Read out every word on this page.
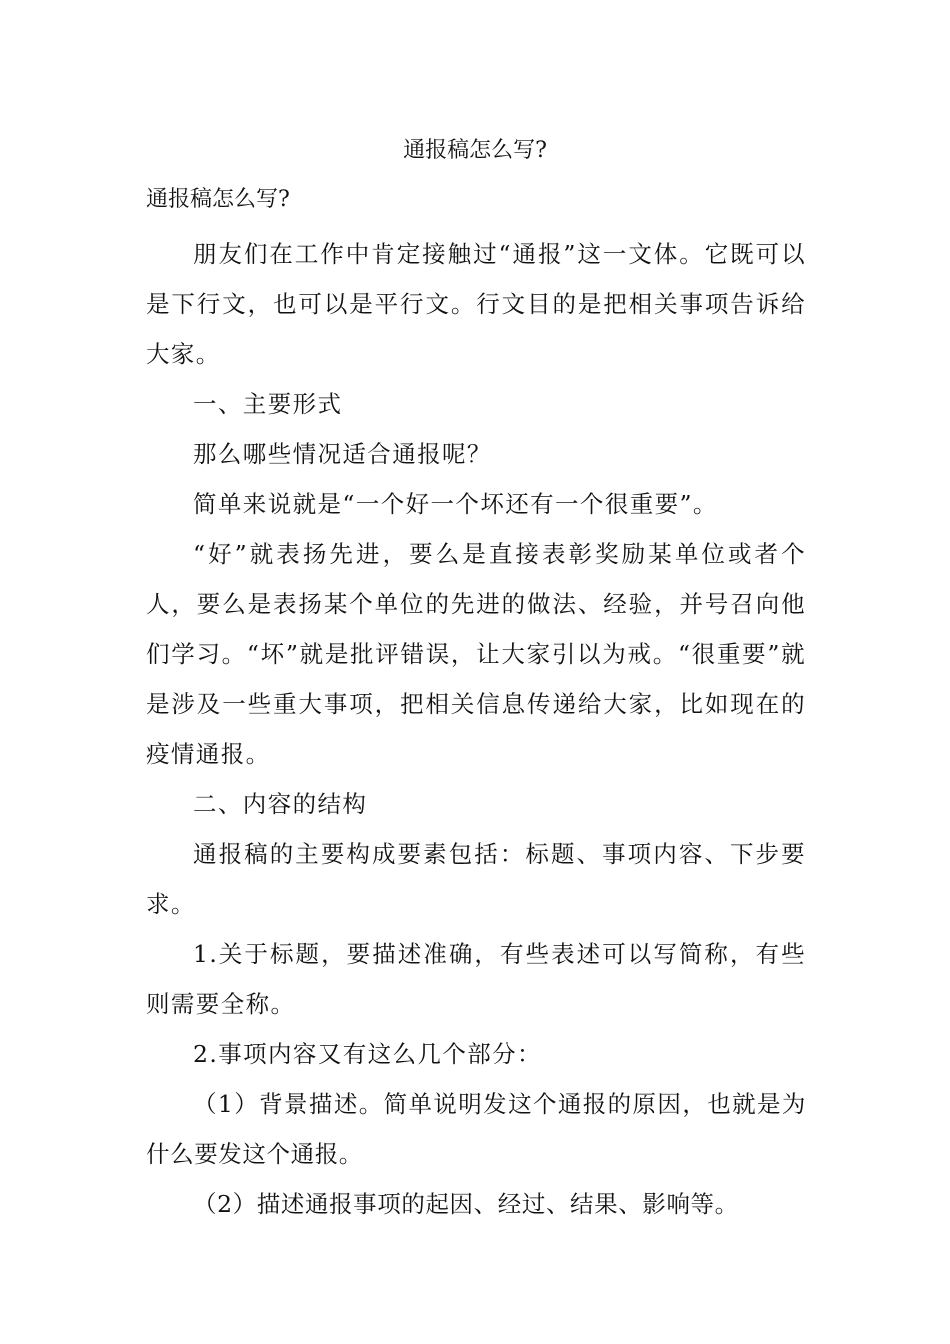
通报稿怎么写?
通报稿怎么写?

朋友们在工作中肯定接触过“通报”这一文体。它既可以是下行文，也可以是平行文。行文目的是把相关事项告诉给大家。

一、主要形式

那么哪些情况适合通报呢？

简单来说就是“一个好一个坏还有一个很重要”。

“好”就表扬先进，要么是直接表彰奖励某单位或者个人，要么是表扬某个单位的先进的做法、经验，并号召向他们学习。“坏”就是批评错误，让大家引以为戒。“很重要”就是涉及一些重大事项，把相关信息传递给大家，比如现在的疫情通报。

二、内容的结构

通报稿的主要构成要素包括：标题、事项内容、下步要求。

1.关于标题，要描述准确，有些表述可以写简称，有些则需要全称。

2.事项内容又有这么几个部分：

（1）背景描述。简单说明发这个通报的原因，也就是为什么要发这个通报。

（2）描述通报事项的起因、经过、结果、影响等。
